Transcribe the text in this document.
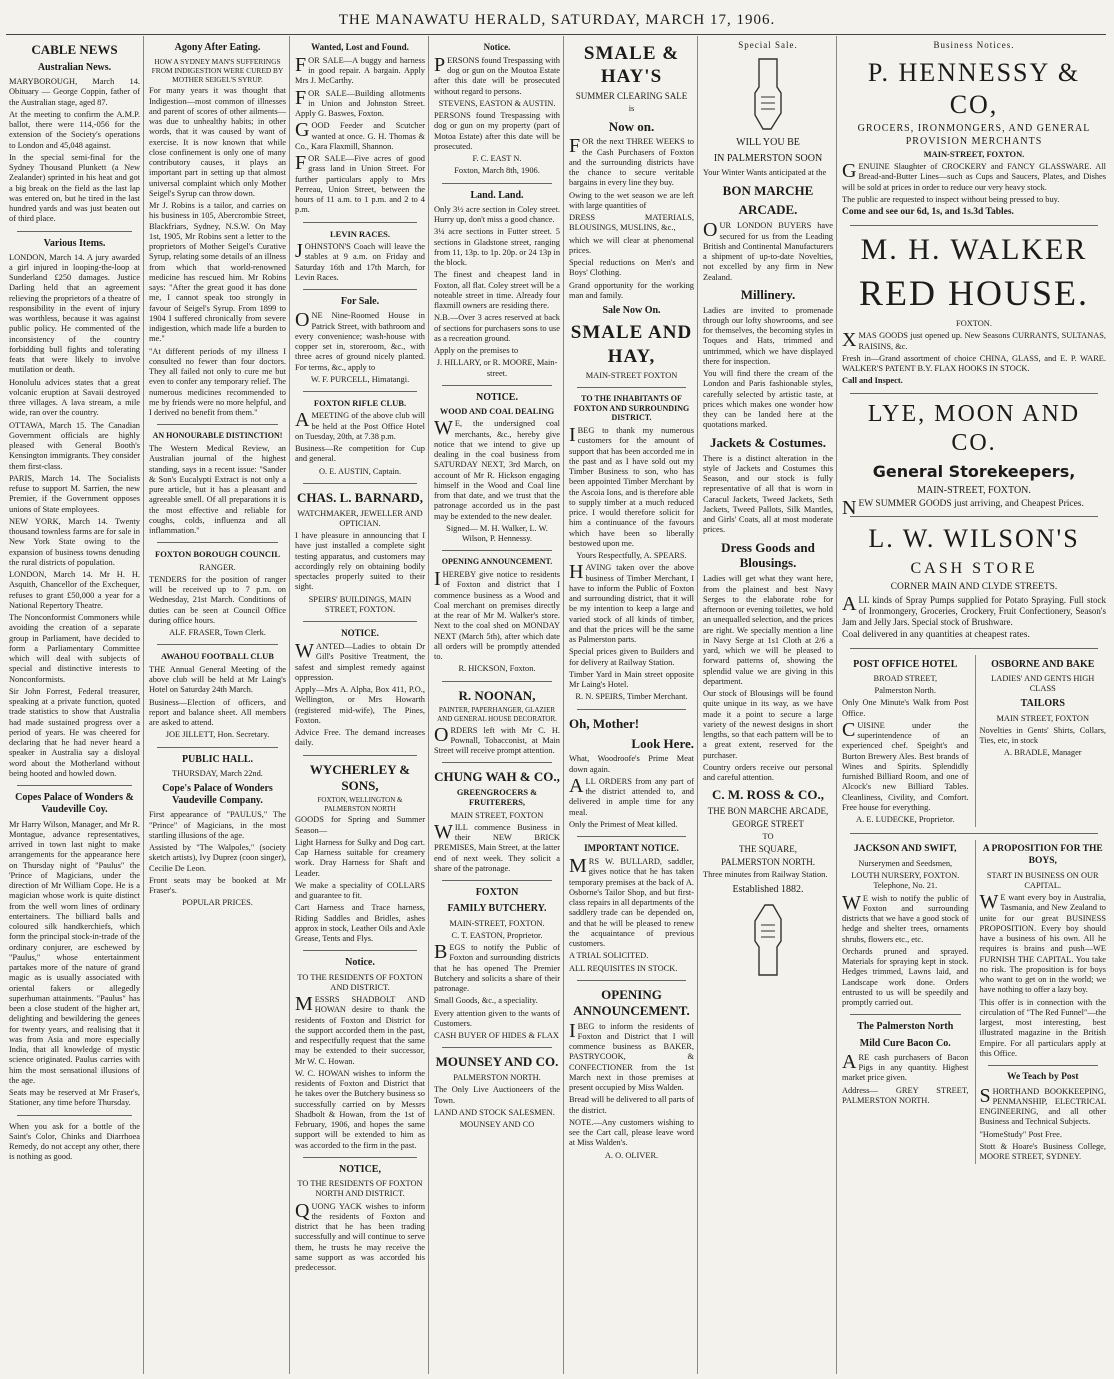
THE MANAWATU HERALD, SATURDAY, MARCH 17, 1906.
CABLE NEWS
Australian News.

MARYBOROUGH, March 14. Obituary — George Coppin, father of the Australian stage, aged 87.

At the meeting to confirm the A.M.P. ballot, there were 114,-056 for the extension of the Society's operations to London and 45,048 against.

In the special semi-final for the Sydney Thousand Plunkett (a New Zealander) sprinted in his heat and got a big break on the field as the last lap was entered on, but he tired in the last hundred yards and was just beaten out of third place.

Various Items.

LONDON, March 14. A jury awarded a girl injured in looping-the-loop at Sunderland £250 damages. Justice Darling held that an agreement relieving the proprietors of a theatre of responsibility in the event of injury was worthless, because it was against public policy. He commented of the inconsistency of the country forbidding bull fights and tolerating feats that were likely to involve mutilation or death.

Honolulu advices states that a great volcanic eruption at Savaii destroyed three villages. A lava stream, a mile wide, ran over the country.

OTTAWA, March 15. The Canadian Government officials are highly pleased with General Booth's Kensington immigrants. They consider them first-class.

PARIS, March 14. The Socialists refuse to support M. Sarrien, the new Premier, if the Government opposes unions of State employees.

NEW YORK, March 14. Twenty thousand townless farms are for sale in New York State owing to the expansion of business towns denuding the rural districts of population.

LONDON, March 14. Mr H. H. Asquith, Chancellor of the Exchequer, refuses to grant £50,000 a year for a National Repertory Theatre.

The Nonconformist Commoners while avoiding the creation of a separate group in Parliament, have decided to form a Parliamentary Committee which will deal with subjects of special and distinctive interests to Nonconformists.

Sir John Forrest, Federal treasurer, speaking at a private function, quoted trade statistics to show that Australia had made sustained progress over a period of years. He was cheered for declaring that he had never heard a speaker in Australia say a disloyal word about the Motherland without being hooted and howled down.

Copes Palace of Wonders & Vaudeville Coy.

Mr Harry Wilson, Manager, and Mr R. Montague, advance representatives, arrived in town last night to make arrangements for the appearance here on Thursday night of "Paulus" the 'Prince of Magicians, under the direction of Mr William Cope. He is a magician whose work is quite distinct from the well worn lines of ordinary entertainers. The billiard balls and coloured silk handkerchiefs, which form the principal stock-in-trade of the ordinary conjurer, are eschewed by "Paulus," whose entertainment partakes more of the nature of grand magic as is usually associated with oriental fakers or allegedly superhuman attainments. "Paulus" has been a close student of the higher art, delighting and bewildering the genees for twenty years, and realising that it was from Asia and more especially India, that all knowledge of mystic science originated. Paulus carries with him the most sensational illusions of the age.

Seats may be reserved at Mr Fraser's, Stationer, any time before Thursday.

When you ask for a bottle of the Saint's Color, Chinks and Diarrhoea Remedy, do not accept any other, there is nothing as good.

Agony After Eating.
HOW A SYDNEY MAN'S SUFFERINGS FROM INDIGESTION WERE CURED BY MOTHER SEIGEL'S SYRUP.

For many years it was thought that Indigestion—most common of illnesses and parent of scores of other ailments—was due to unhealthy habits; in other words, that it was caused by want of exercise. It is now known that while close confinement is only one of many contributory causes, it plays an important part in setting up that almost universal complaint which only Mother Seigel's Syrup can throw down.

Mr J. Robins is a tailor, and carries on his business in 105, Abercrombie Street, Blackfriars, Sydney, N.S.W. On May 1st, 1905, Mr Robins sent a letter to the proprietors of Mother Seigel's Curative Syrup, relating some details of an illness from which that world-renowned medicine has rescued him. Mr Robins says: "After the great good it has done me, I cannot speak too strongly in favour of Seigel's Syrup. From 1899 to 1904 I suffered chronically from severe indigestion, which made life a burden to me."

"At different periods of my illness I consulted no fewer than four doctors. They all failed not only to cure me but even to confer any temporary relief. The numerous medicines recommended to me by friends were no more helpful, and I derived no benefit from them."

AN HONOURABLE DISTINCTION!

The Western Medical Review, an Australian journal of the highest standing, says in a recent issue: "Sander & Son's Eucalypti Extract is not only a pure article, but it has a pleasant and agreeable smell. Of all preparations it is the most effective and reliable for coughs, colds, influenza and all inflammation."

FOXTON BOROUGH COUNCIL
RANGER.

TENDERS for the position of ranger will be received up to 7 p.m. on Wednesday, 21st March. Conditions of duties can be seen at Council Office during office hours.

ALF. FRASER, Town Clerk.
AWAHOU FOOTBALL CLUB

THE Annual General Meeting of the above club will be held at Mr Laing's Hotel on Saturday 24th March.

Business—Election of officers, and report and balance sheet. All members are asked to attend.

JOE JILLETT, Hon. Secretary.
PUBLIC HALL.
THURSDAY, March 22nd.
Cope's Palace of Wonders Vaudeville Company.

First appearance of "PAULUS," The "Prince" of Magicians, in the most startling illusions of the age.

Assisted by "The Walpoles," (society sketch artists), Ivy Duprez (coon singer), Cecilie De Leon.

Front seats may be booked at Mr Fraser's.

POPULAR PRICES.
Wanted, Lost and Found.

FOR SALE—A buggy and harness in good repair. A bargain. Apply Mrs J. McCarthy.

FOR SALE—Building allotments in Union and Johnston Street. Apply G. Baswes, Foxton.

GOOD Feeder and Scutcher wanted at once. G. H. Thomas & Co., Kara Flaxmill, Shannon.

FOR SALE—Five acres of good grass land in Union Street. For further particulars apply to Mrs Perreau, Union Street, between the hours of 11 a.m. to 1 p.m. and 2 to 4 p.m.

LEVIN RACES.

JOHNSTON'S Coach will leave the stables at 9 a.m. on Friday and Saturday 16th and 17th March, for Levin Races.

For Sale.

ONE Nine-Roomed House in Patrick Street, with bathroom and every convenience; wash-house with copper set in, storeroom, &c., with three acres of ground nicely planted. For terms, &c., apply to

W. F. PURCELL, Himatangi.
FOXTON RIFLE CLUB.

AMEETING of the above club will be held at the Post Office Hotel on Tuesday, 20th, at 7.38 p.m.

Business—Re competition for Cup and general.

O. E. AUSTIN, Captain.
CHAS. L. BARNARD,
WATCHMAKER, JEWELLER AND OPTICIAN.

I have pleasure in announcing that I have just installed a complete sight testing apparatus, and customers may accordingly rely on obtaining bodily spectacles properly suited to their sight.

SPEIRS' BUILDINGS, MAIN STREET, FOXTON.
NOTICE.

WANTED—Ladies to obtain Dr Gill's Positive Treatment, the safest and simplest remedy against oppression.

Apply—Mrs A. Alpha, Box 411, P.O., Wellington, or Mrs Howarth (registered mid-wife), The Pines, Foxton.

Advice Free. The demand increases daily.

WYCHERLEY & SONS,
FOXTON, WELLINGTON & PALMERSTON NORTH

GOODS for Spring and Summer Season—

Light Harness for Sulky and Dog cart. Cap Harness suitable for creamery work. Dray Harness for Shaft and Leader.

We make a speciality of COLLARS and guarantee to fit.

Cart Harness and Trace harness, Riding Saddles and Bridles, ashes approx in stock, Leather Oils and Axle Grease, Tents and Flys.

Notice.
TO THE RESIDENTS OF FOXTON AND DISTRICT.

MESSRS SHADBOLT AND HOWAN desire to thank the residents of Foxton and District for the support accorded them in the past, and respectfully request that the same may be extended to their successor, Mr W. C. Howan.

W. C. HOWAN wishes to inform the residents of Foxton and District that he takes over the Butchery business so successfully carried on by Messrs Shadbolt & Howan, from the 1st of February, 1906, and hopes the same support will be extended to him as was accorded to the firm in the past.

NOTICE,
TO THE RESIDENTS OF FOXTON NORTH AND DISTRICT.

QUONG YACK wishes to inform the residents of Foxton and district that he has been trading successfully and will continue to serve them, he trusts he may receive the same support as was accorded his predecessor.

Notice.

PERSONS found Trespassing with dog or gun on the Moutoa Estate after this date will be prosecuted without regard to persons.

STEVENS, EASTON & AUSTIN.

PERSONS found Trespassing with dog or gun on my property (part of Motoa Estate) after this date will be prosecuted.

F. C. EAST N.
Foxton, March 8th, 1906.
Land. Land.

Only 3½ acre section in Coley street. Hurry up, don't miss a good chance.

3¼ acre sections in Futter street. 5 sections in Gladstone street, ranging from 11, 13p. to 1p. 20p. or 24 13p in the block.

The finest and cheapest land in Foxton, all flat. Coley street will be a noteable street in time. Already four flaxmill owners are residing there.

N.B.—Over 3 acres reserved at back of sections for purchasers sons to use as a recreation ground.

Apply on the premises to

J. HILLARY, or R. MOORE, Main-street.
NOTICE.
WOOD AND COAL DEALING

WE, the undersigned coal merchants, &c., hereby give notice that we intend to give up dealing in the coal business from SATURDAY NEXT, 3rd March, on account of Mr R. Hickson engaging himself in the Wood and Coal line from that date, and we trust that the patronage accorded us in the past may be extended to the new dealer.

Signed— M. H. Walker, L. W. Wilson, P. Hennessy.
OPENING ANNOUNCEMENT.

IHEREBY give notice to residents of Foxton and district that I commence business as a Wood and Coal merchant on premises directly at the rear of Mr M. Walker's store. Next to the coal shed on MONDAY NEXT (March 5th), after which date all orders will be promptly attended to.

R. HICKSON, Foxton.
R. NOONAN,
PAINTER, PAPERHANGER, GLAZIER AND GENERAL HOUSE DECORATOR.

ORDERS left with Mr C. H. Pownall, Tobacconist, at Main Street will receive prompt attention.

CHUNG WAH & CO.,
GREENGROCERS & FRUITERERS,
MAIN STREET, FOXTON

WILL commence Business in their NEW BRICK PREMISES, Main Street, at the latter end of next week. They solicit a share of the patronage.

FOXTON
FAMILY BUTCHERY.
MAIN-STREET, FOXTON.
C. T. EASTON, Proprietor.

BEGS to notify the Public of Foxton and surrounding districts that he has opened The Premier Butchery and solicits a share of their patronage.

Small Goods, &c., a speciality.

Every attention given to the wants of Customers.

CASH BUYER OF HIDES & FLAX

MOUNSEY AND CO.
PALMERSTON NORTH.

The Only Live Auctioneers of the Town.

LAND AND STOCK SALESMEN.

MOUNSEY AND CO
SMALE & HAY'S
SUMMER CLEARING SALE
is
Now on.

FOR the next THREE WEEKS to the Cash Purchasers of Foxton and the surrounding districts have the chance to secure veritable bargains in every line they buy.

Owing to the wet season we are left with large quantities of

DRESS MATERIALS, BLOUSINGS, MUSLINS, &c.,

which we will clear at phenomenal prices.

Special reductions on Men's and Boys' Clothing.

Grand opportunity for the working man and family.

Sale Now On.
SMALE AND HAY,
MAIN-STREET FOXTON
TO THE INHABITANTS OF FOXTON AND SURROUNDING DISTRICT.

IBEG to thank my numerous customers for the amount of support that has been accorded me in the past and as I have sold out my Timber Business to son, who has been appointed Timber Merchant by the Ascoia Ions, and is therefore able to supply timber at a much reduced price. I would therefore solicit for him a continuance of the favours which have been so liberally bestowed upon me.

Yours Respectfully, A. SPEARS.

HAVING taken over the above business of Timber Merchant, I have to inform the Public of Foxton and surrounding district, that it will be my intention to keep a large and varied stock of all kinds of timber, and that the prices will be the same as Palmerston parts.

Special prices given to Builders and for delivery at Railway Station.

Timber Yard in Main street opposite Mr Laing's Hotel.

R. N. SPEIRS, Timber Merchant.
Oh, Mother!
Look Here.

What, Woodroofe's Prime Meat down again.

ALL ORDERS from any part of the district attended to, and delivered in ample time for any meal.

Only the Primest of Meat killed.

IMPORTANT NOTICE.

MRS W. BULLARD, saddler, gives notice that he has taken temporary premises at the back of A. Osborne's Tailor Shop, and but first-class repairs in all departments of the saddlery trade can be depended on, and that he will be pleased to renew the acquaintance of previous customers.

A TRIAL SOLICITED.

ALL REQUISITES IN STOCK.

OPENING ANNOUNCEMENT.

IBEG to inform the residents of Foxton and District that I will commence business as BAKER, PASTRYCOOK, & CONFECTIONER from the 1st March next in those premises at present occupied by Miss Walden.

Bread will be delivered to all parts of the district.

NOTE.—Any customers wishing to see the Cart call, please leave word at Miss Walden's.

A. O. OLIVER.
Special Sale.
WILL YOU BE
IN PALMERSTON SOON

Your Winter Wants anticipated at the

BON MARCHE
ARCADE.

OUR LONDON BUYERS have secured for us from the Leading British and Continental Manufacturers a shipment of up-to-date Novelties, not excelled by any firm in New Zealand.

Millinery.

Ladies are invited to promenade through our lofty showrooms, and see for themselves, the becoming styles in Toques and Hats, trimmed and untrimmed, which we have displayed there for inspection.

You will find there the cream of the London and Paris fashionable styles, carefully selected by artistic taste, at prices which makes one wonder how they can be landed here at the quotations marked.

Jackets & Costumes.

There is a distinct alteration in the style of Jackets and Costumes this Season, and our stock is fully representative of all that is worn in Caracul Jackets, Tweed Jackets, Seth Jackets, Tweed Pallots, Silk Mantles, and Girls' Coats, all at most moderate prices.

Dress Goods and Blousings.

Ladies will get what they want here, from the plainest and best Navy Serges to the elaborate robe for afternoon or evening toilettes, we hold an unequalled selection, and the prices are right. We specially mention a line in Navy Serge at 1s1 Cloth at 2/6 a yard, which we will be pleased to forward patterns of, showing the splendid value we are giving in this department.

Our stock of Blousings will be found quite unique in its way, as we have made it a point to secure a large variety of the newest designs in short lengths, so that each pattern will be to a great extent, reserved for the purchaser.

Country orders receive our personal and careful attention.

C. M. ROSS & CO.,
THE BON MARCHE ARCADE,
GEORGE STREET
TO
THE SQUARE,
PALMERSTON NORTH.

Three minutes from Railway Station.

Established 1882.
Business Notices.
P. HENNESSY & CO,
GROCERS, IRONMONGERS, AND GENERAL PROVISION MERCHANTS
MAIN-STREET, FOXTON.

GENUINE Slaughter of CROCKERY and FANCY GLASSWARE. All Bread-and-Butter Lines—such as Cups and Saucers, Plates, and Dishes will be sold at prices in order to reduce our very heavy stock.

The public are requested to inspect without being pressed to buy.

Come and see our 6d, 1s, and 1s.3d Tables.

M. H. WALKER
RED HOUSE.
FOXTON.

XMAS GOODS just opened up. New Seasons CURRANTS, SULTANAS, RAISINS, &c.

Fresh in—Grand assortment of choice CHINA, GLASS, and E. P. WARE. WALKER'S PATENT B.Y. FLAX HOOKS IN STOCK.

Call and Inspect.

LYE, MOON AND CO.
General Storekeepers,
MAIN-STREET, FOXTON.

NEW SUMMER GOODS just arriving, and Cheapest Prices.

L. W. WILSON'S
CASH STORE
CORNER MAIN AND CLYDE STREETS.

ALL kinds of Spray Pumps supplied for Potato Spraying. Full stock of Ironmongery, Groceries, Crockery, Fruit Confectionery, Season's Jam and Jelly Jars. Special stock of Brushware.

Coal delivered in any quantities at cheapest rates.

POST OFFICE HOTEL
BROAD STREET,
Palmerston North.

Only One Minute's Walk from Post Office.

CUISINE under the superintendence of an experienced chef. Speight's and Burton Brewery Ales. Best brands of Wines and Spirits. Splendidly furnished Billiard Room, and one of Alcock's new Billiard Tables. Cleanliness, Civility, and Comfort. Free house for everything.

A. E. LUDECKE, Proprietor.
OSBORNE AND BAKE
LADIES' AND GENTS HIGH CLASS
TAILORS
MAIN STREET, FOXTON

Novelties in Gents' Shirts, Collars, Ties, etc, in stock

A. BRADLE, Manager
JACKSON AND SWIFT,
Nurserymen and Seedsmen,
LOUTH NURSERY, FOXTON. Telephone, No. 21.

WE wish to notify the public of Foxton and surrounding districts that we have a good stock of hedge and shelter trees, ornaments shrubs, flowers etc., etc.

Orchards pruned and sprayed. Materials for spraying kept in stock. Hedges trimmed, Lawns laid, and Landscape work done. Orders entrusted to us will be speedily and promptly carried out.

The Palmerston North
Mild Cure Bacon Co.

ARE cash purchasers of Bacon Pigs in any quantity. Highest market price given.

Address— GREY STREET, PALMERSTON NORTH.

A PROPOSITION FOR THE BOYS,
START IN BUSINESS ON OUR CAPITAL.

WE want every boy in Australia, Tasmania, and New Zealand to unite for our great BUSINESS PROPOSITION. Every boy should have a business of his own. All he requires is brains and push—WE FURNISH THE CAPITAL. You take no risk. The proposition is for boys who want to get on in the world; we have nothing to offer a lazy boy.

This offer is in connection with the circulation of "The Red Funnel"—the largest, most interesting, best illustrated magazine in the British Empire. For all particulars apply at this Office.

We Teach by Post

SHORTHAND BOOKKEEPING, PENMANSHIP, ELECTRICAL ENGINEERING, and all other Business and Technical Subjects.

"HomeStudy" Post Free.

Stott & Hoare's Business College, MOORE STREET, SYDNEY.
